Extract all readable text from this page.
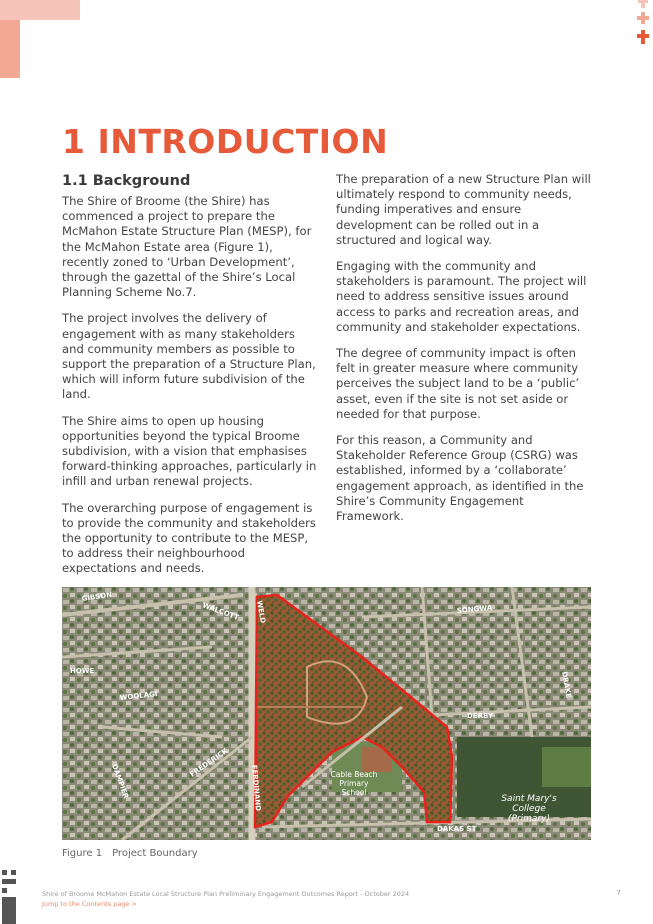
1 INTRODUCTION
1.1 Background

The Shire of Broome (the Shire) has commenced a project to prepare the McMahon Estate Structure Plan (MESP), for the McMahon Estate area (Figure 1), recently zoned to ‘Urban Development’, through the gazettal of the Shire’s Local Planning Scheme No.7.

The project involves the delivery of engagement with as many stakeholders and community members as possible to support the preparation of a Structure Plan, which will inform future subdivision of the land.

The Shire aims to open up housing opportunities beyond the typical Broome subdivision, with a vision that emphasises forward-thinking approaches, particularly in infill and urban renewal projects.

The overarching purpose of engagement is to provide the community and stakeholders the opportunity to contribute to the MESP, to address their neighbourhood expectations and needs.

The preparation of a new Structure Plan will ultimately respond to community needs, funding imperatives and ensure development can be rolled out in a structured and logical way.

Engaging with the community and stakeholders is paramount. The project will need to address sensitive issues around access to parks and recreation areas, and community and stakeholder expectations.

The degree of community impact is often felt in greater measure where community perceives the subject land to be a ‘public’ asset, even if the site is not set aside or needed for that purpose.

For this reason, a Community and Stakeholder Reference Group (CSRG) was established, informed by a ‘collaborate’ engagement approach, as identified in the Shire’s Community Engagement Framework.

GIBSON
WALCOTT WELD
HOWE
WOOLAGI
DAMPIER
FREDERICK
FERDINAND
SONGWA
DRAKE
DERBY
DAKAS ST
Cable Beach
Primary
School
Saint Mary's
College
(Primary)
Figure 1 Project Boundary
Shire of Broome McMahon Estate Local Structure Plan Preliminary Engagement Outcomes Report - October 2024
Jump to the Contents page >
7
